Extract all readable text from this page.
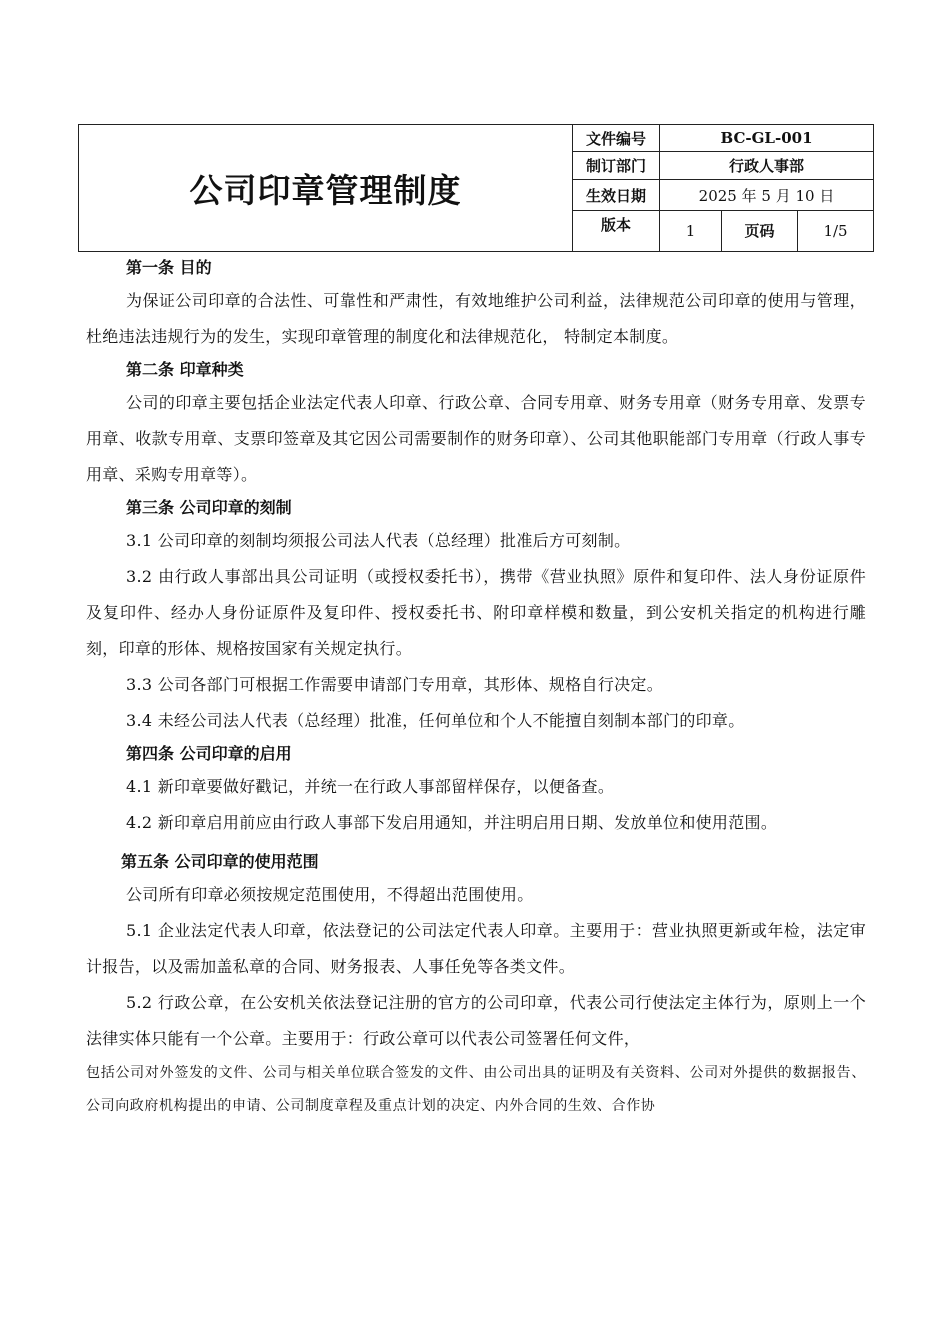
公司印章管理制度	文件编号	BC-GL-001		
	制订部门	行政人事部		
	生效日期	2025 年 5 月 10 日		
	版本	1	页码	1/5
第一条 目的

为保证公司印章的合法性、可靠性和严肃性，有效地维护公司利益，法律规范公司印章的使用与管理，杜绝违法违规行为的发生，实现印章管理的制度化和法律规范化， 特制定本制度。

第二条 印章种类

公司的印章主要包括企业法定代表人印章、行政公章、合同专用章、财务专用章（财务专用章、发票专用章、收款专用章、支票印签章及其它因公司需要制作的财务印章）、公司其他职能部门专用章（行政人事专用章、采购专用章等）。

第三条 公司印章的刻制

3.1 公司印章的刻制均须报公司法人代表（总经理）批准后方可刻制。

3.2 由行政人事部出具公司证明（或授权委托书），携带《营业执照》原件和复印件、法人身份证原件及复印件、经办人身份证原件及复印件、授权委托书、附印章样模和数量，到公安机关指定的机构进行雕刻，印章的形体、规格按国家有关规定执行。

3.3 公司各部门可根据工作需要申请部门专用章，其形体、规格自行决定。

3.4 未经公司法人代表（总经理）批准，任何单位和个人不能擅自刻制本部门的印章。

第四条 公司印章的启用

4.1 新印章要做好戳记，并统一在行政人事部留样保存，以便备查。

4.2 新印章启用前应由行政人事部下发启用通知，并注明启用日期、发放单位和使用范围。

第五条 公司印章的使用范围

公司所有印章必须按规定范围使用，不得超出范围使用。

5.1 企业法定代表人印章，依法登记的公司法定代表人印章。主要用于：营业执照更新或年检，法定审计报告，以及需加盖私章的合同、财务报表、人事任免等各类文件。

5.2 行政公章，在公安机关依法登记注册的官方的公司印章，代表公司行使法定主体行为，原则上一个法律实体只能有一个公章。主要用于：行政公章可以代表公司签署任何文件，

包括公司对外签发的文件、公司与相关单位联合签发的文件、由公司出具的证明及有关资料、公司对外提供的数据报告、公司向政府机构提出的申请、公司制度章程及重点计划的决定、内外合同的生效、合作协
